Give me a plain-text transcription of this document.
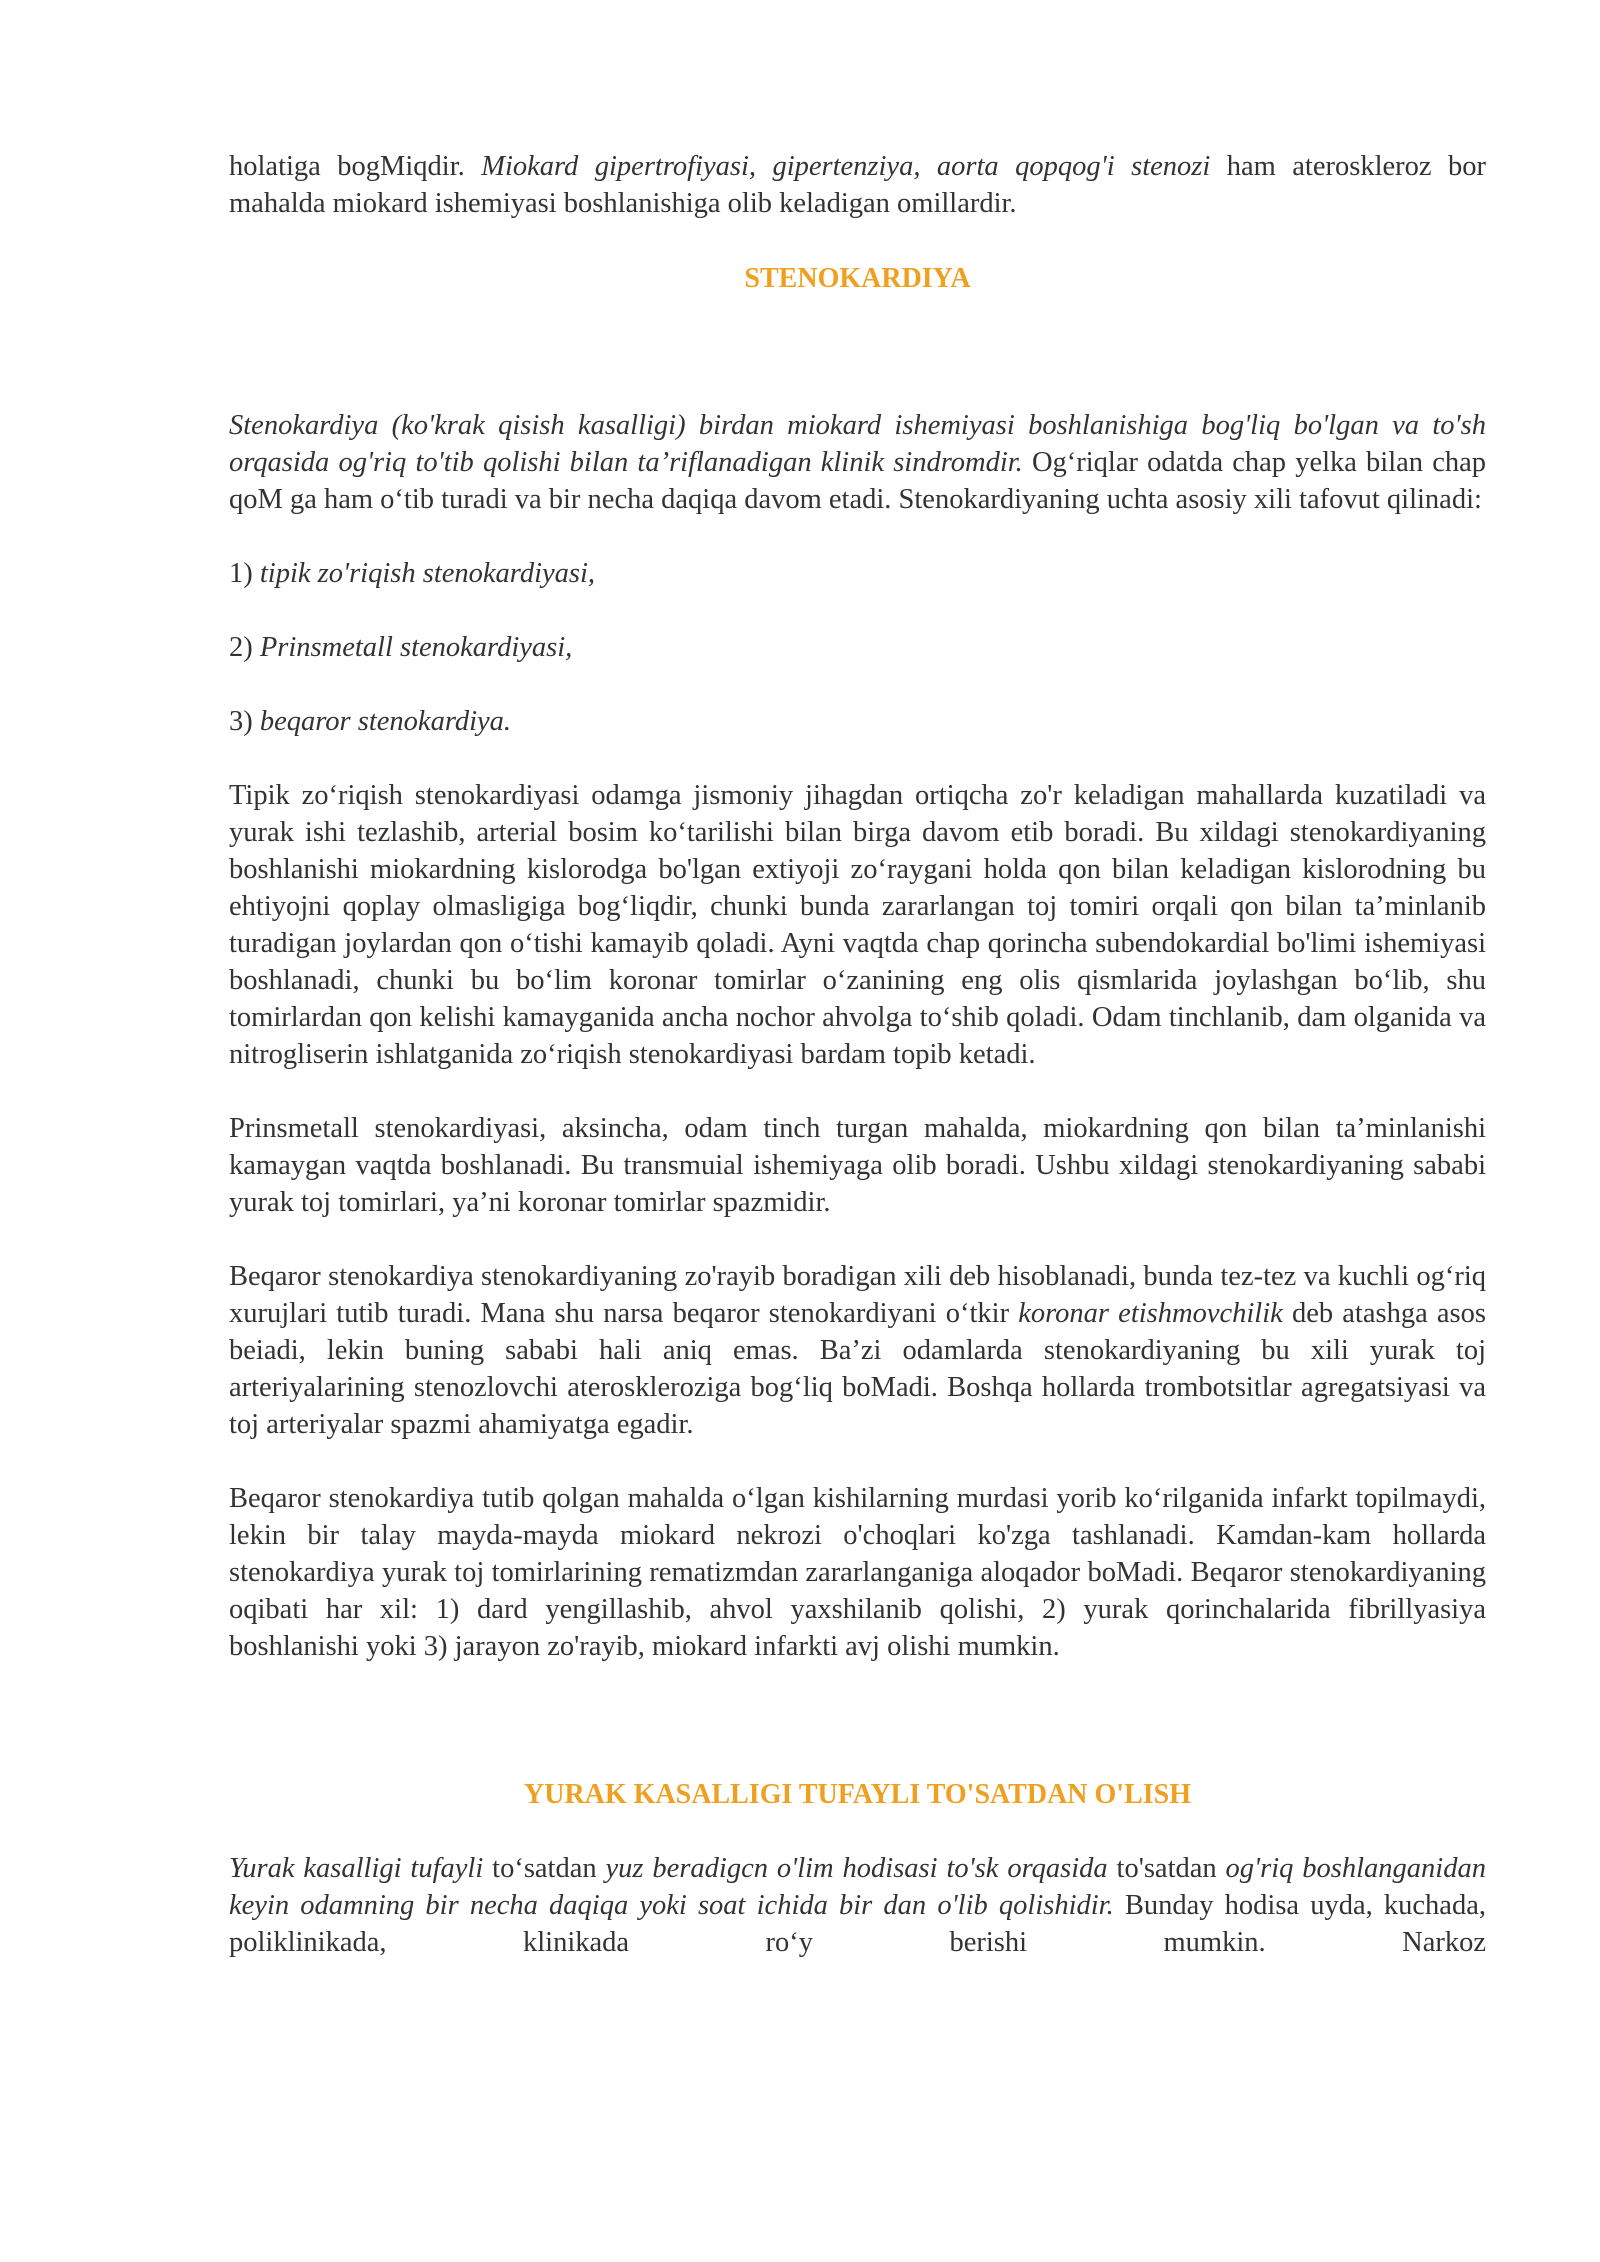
holatiga bogMiqdir. Miokard gipertrofiyasi, gipertenziya, aorta qopqog'i stenozi ham ateroskleroz bor mahalda miokard ishemiyasi boshlanishiga olib keladigan omillardir.

STENOKARDIYA

Stenokardiya (ko'krak qisish kasalligi) birdan miokard ishemiyasi boshlanishiga bog'liq bo'lgan va to'sh orqasida og'riq to'tib qolishi bilan ta’riflanadigan klinik sindromdir. Og‘riqlar odatda chap yelka bilan chap qoM ga ham o‘tib turadi va bir necha daqiqa davom etadi. Stenokardiyaning uchta asosiy xili tafovut qilinadi:

1) tipik zo'riqish stenokardiyasi,

2) Prinsmetall stenokardiyasi,

3) beqaror stenokardiya.

Tipik zo‘riqish stenokardiyasi odamga jismoniy jihagdan ortiqcha zo'r keladigan mahallarda kuzatiladi va yurak ishi tezlashib, arterial bosim ko‘tarilishi bilan birga davom etib boradi. Bu xildagi stenokardiyaning boshlanishi miokardning kislorodga bo'lgan extiyoji zo‘raygani holda qon bilan keladigan kislorodning bu ehtiyojni qoplay olmasligiga bog‘liqdir, chunki bunda zararlangan toj tomiri orqali qon bilan ta’minlanib turadigan joylardan qon o‘tishi kamayib qoladi. Ayni vaqtda chap qorincha subendokardial bo'limi ishemiyasi boshlanadi, chunki bu bo‘lim koronar tomirlar o‘zanining eng olis qismlarida joylashgan bo‘lib, shu tomirlardan qon kelishi kamayganida ancha nochor ahvolga to‘shib qoladi. Odam tinchlanib, dam olganida va nitrogliserin ishlatganida zo‘riqish stenokardiyasi bardam topib ketadi.

Prinsmetall stenokardiyasi, aksincha, odam tinch turgan mahalda, miokardning qon bilan ta’minlanishi kamaygan vaqtda boshlanadi. Bu transmuial ishemiyaga olib boradi. Ushbu xildagi stenokardiyaning sababi yurak toj tomirlari, ya’ni koronar tomirlar spazmidir.

Beqaror stenokardiya stenokardiyaning zo'rayib boradigan xili deb hisoblanadi, bunda tez-tez va kuchli og‘riq xurujlari tutib turadi. Mana shu narsa beqaror stenokardiyani o‘tkir koronar etishmovchilik deb atashga asos beiadi, lekin buning sababi hali aniq emas. Ba’zi odamlarda stenokardiyaning bu xili yurak toj arteriyalarining stenozlovchi aterosklerozigа bog‘liq boMadi. Boshqa hollarda trombotsitlar agregatsiyasi va toj arteriyalar spazmi ahamiyatga egadir.

Beqaror stenokardiya tutib qolgan mahalda o‘lgan kishilarning murdasi yorib ko‘rilganida infarkt topilmaydi, lekin bir talay mayda-mayda miokard nekrozi o'choqlari ko'zga tashlanadi. Kamdan-kam hollarda stenokardiya yurak toj tomirlarining rematizmdan zararlanganiga aloqador boMadi. Beqaror stenokardiyaning oqibati har xil: 1) dard yengillashib, ahvol yaxshilanib qolishi, 2) yurak qorinchalarida fibrillyasiya boshlanishi yoki 3) jarayon zo'rayib, miokard infarkti avj olishi mumkin.

YURAK KASALLIGI TUFAYLI TO'SATDAN O'LISH

Yurak kasalligi tufayli to‘satdan yuz beradigcn o'lim hodisasi to'sk orqasida to'satdan og'riq boshlanganidan keyin odamning bir necha daqiqa yoki soat ichida bir dan o'lib qolishidir. Bunday hodisa uyda, kuchada, poliklinikada, klinikada ro‘y berishi mumkin. Narkoz
